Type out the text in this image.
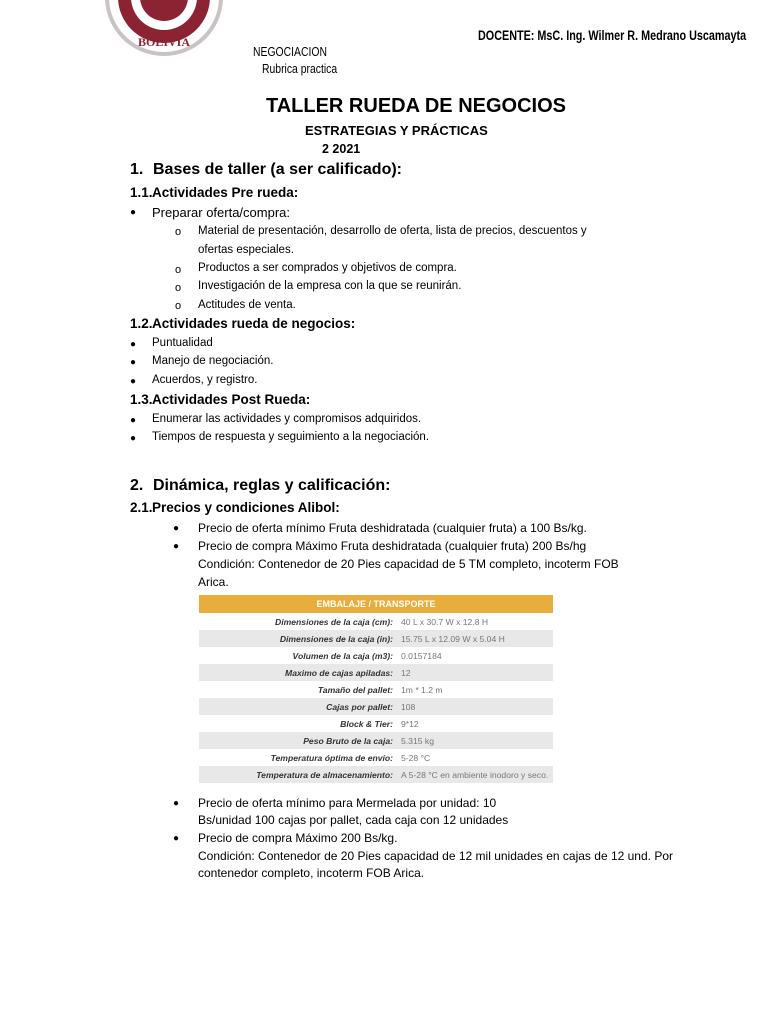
BOLIVIA	DOCENTE: MsC. Ing. Wilmer R. Medrano Uscamayta
NEGOCIACION
Rubrica practica
TALLER RUEDA DE NEGOCIOS
ESTRATEGIAS Y PRÁCTICAS
2 2021
1. Bases de taller (a ser calificado):
1.1. Actividades Pre rueda:
● Preparar oferta/compra:
o Material de presentación, desarrollo de oferta, lista de precios, descuentos y
ofertas especiales.
o Productos a ser comprados y objetivos de compra.
o Investigación de la empresa con la que se reunirán.
o Actitudes de venta.
1.2. Actividades rueda de negocios:
● Puntualidad
● Manejo de negociación.
● Acuerdos, y registro.
1.3. Actividades Post Rueda:
● Enumerar las actividades y compromisos adquiridos.
● Tiempos de respuesta y seguimiento a la negociación.
2. Dinámica, reglas y calificación:
2.1. Precios y condiciones Alibol:
● Precio de oferta mínimo Fruta deshidratada (cualquier fruta) a 100 Bs/kg.
● Precio de compra Máximo Fruta deshidratada (cualquier fruta) 200 Bs/hg
Condición: Contenedor de 20 Pies capacidad de 5 TM completo, incoterm FOB
Arica.
EMBALAJE / TRANSPORTE
Dimensiones de la caja (cm):	40 L x 30.7 W x 12.8 H
Dimensiones de la caja (in):	15.75 L x 12.09 W x 5.04 H
Volumen de la caja (m3):	0.0157184
Maximo de cajas apiladas:	12
Tamaño del pallet:	1m * 1.2 m
Cajas por pallet:	108
Block & Tier:	9*12
Peso Bruto de la caja:	5.315 kg
Temperatura óptima de envío:	5-28 °C
Temperatura de almacenamiento:	A 5-28 °C en ambiente inodoro y seco.
● Precio de oferta mínimo para Mermelada por unidad: 10
Bs/unidad 100 cajas por pallet, cada caja con 12 unidades
● Precio de compra Máximo 200 Bs/kg.
Condición: Contenedor de 20 Pies capacidad de 12 mil unidades en cajas de 12 und. Por
contenedor completo, incoterm FOB Arica.
